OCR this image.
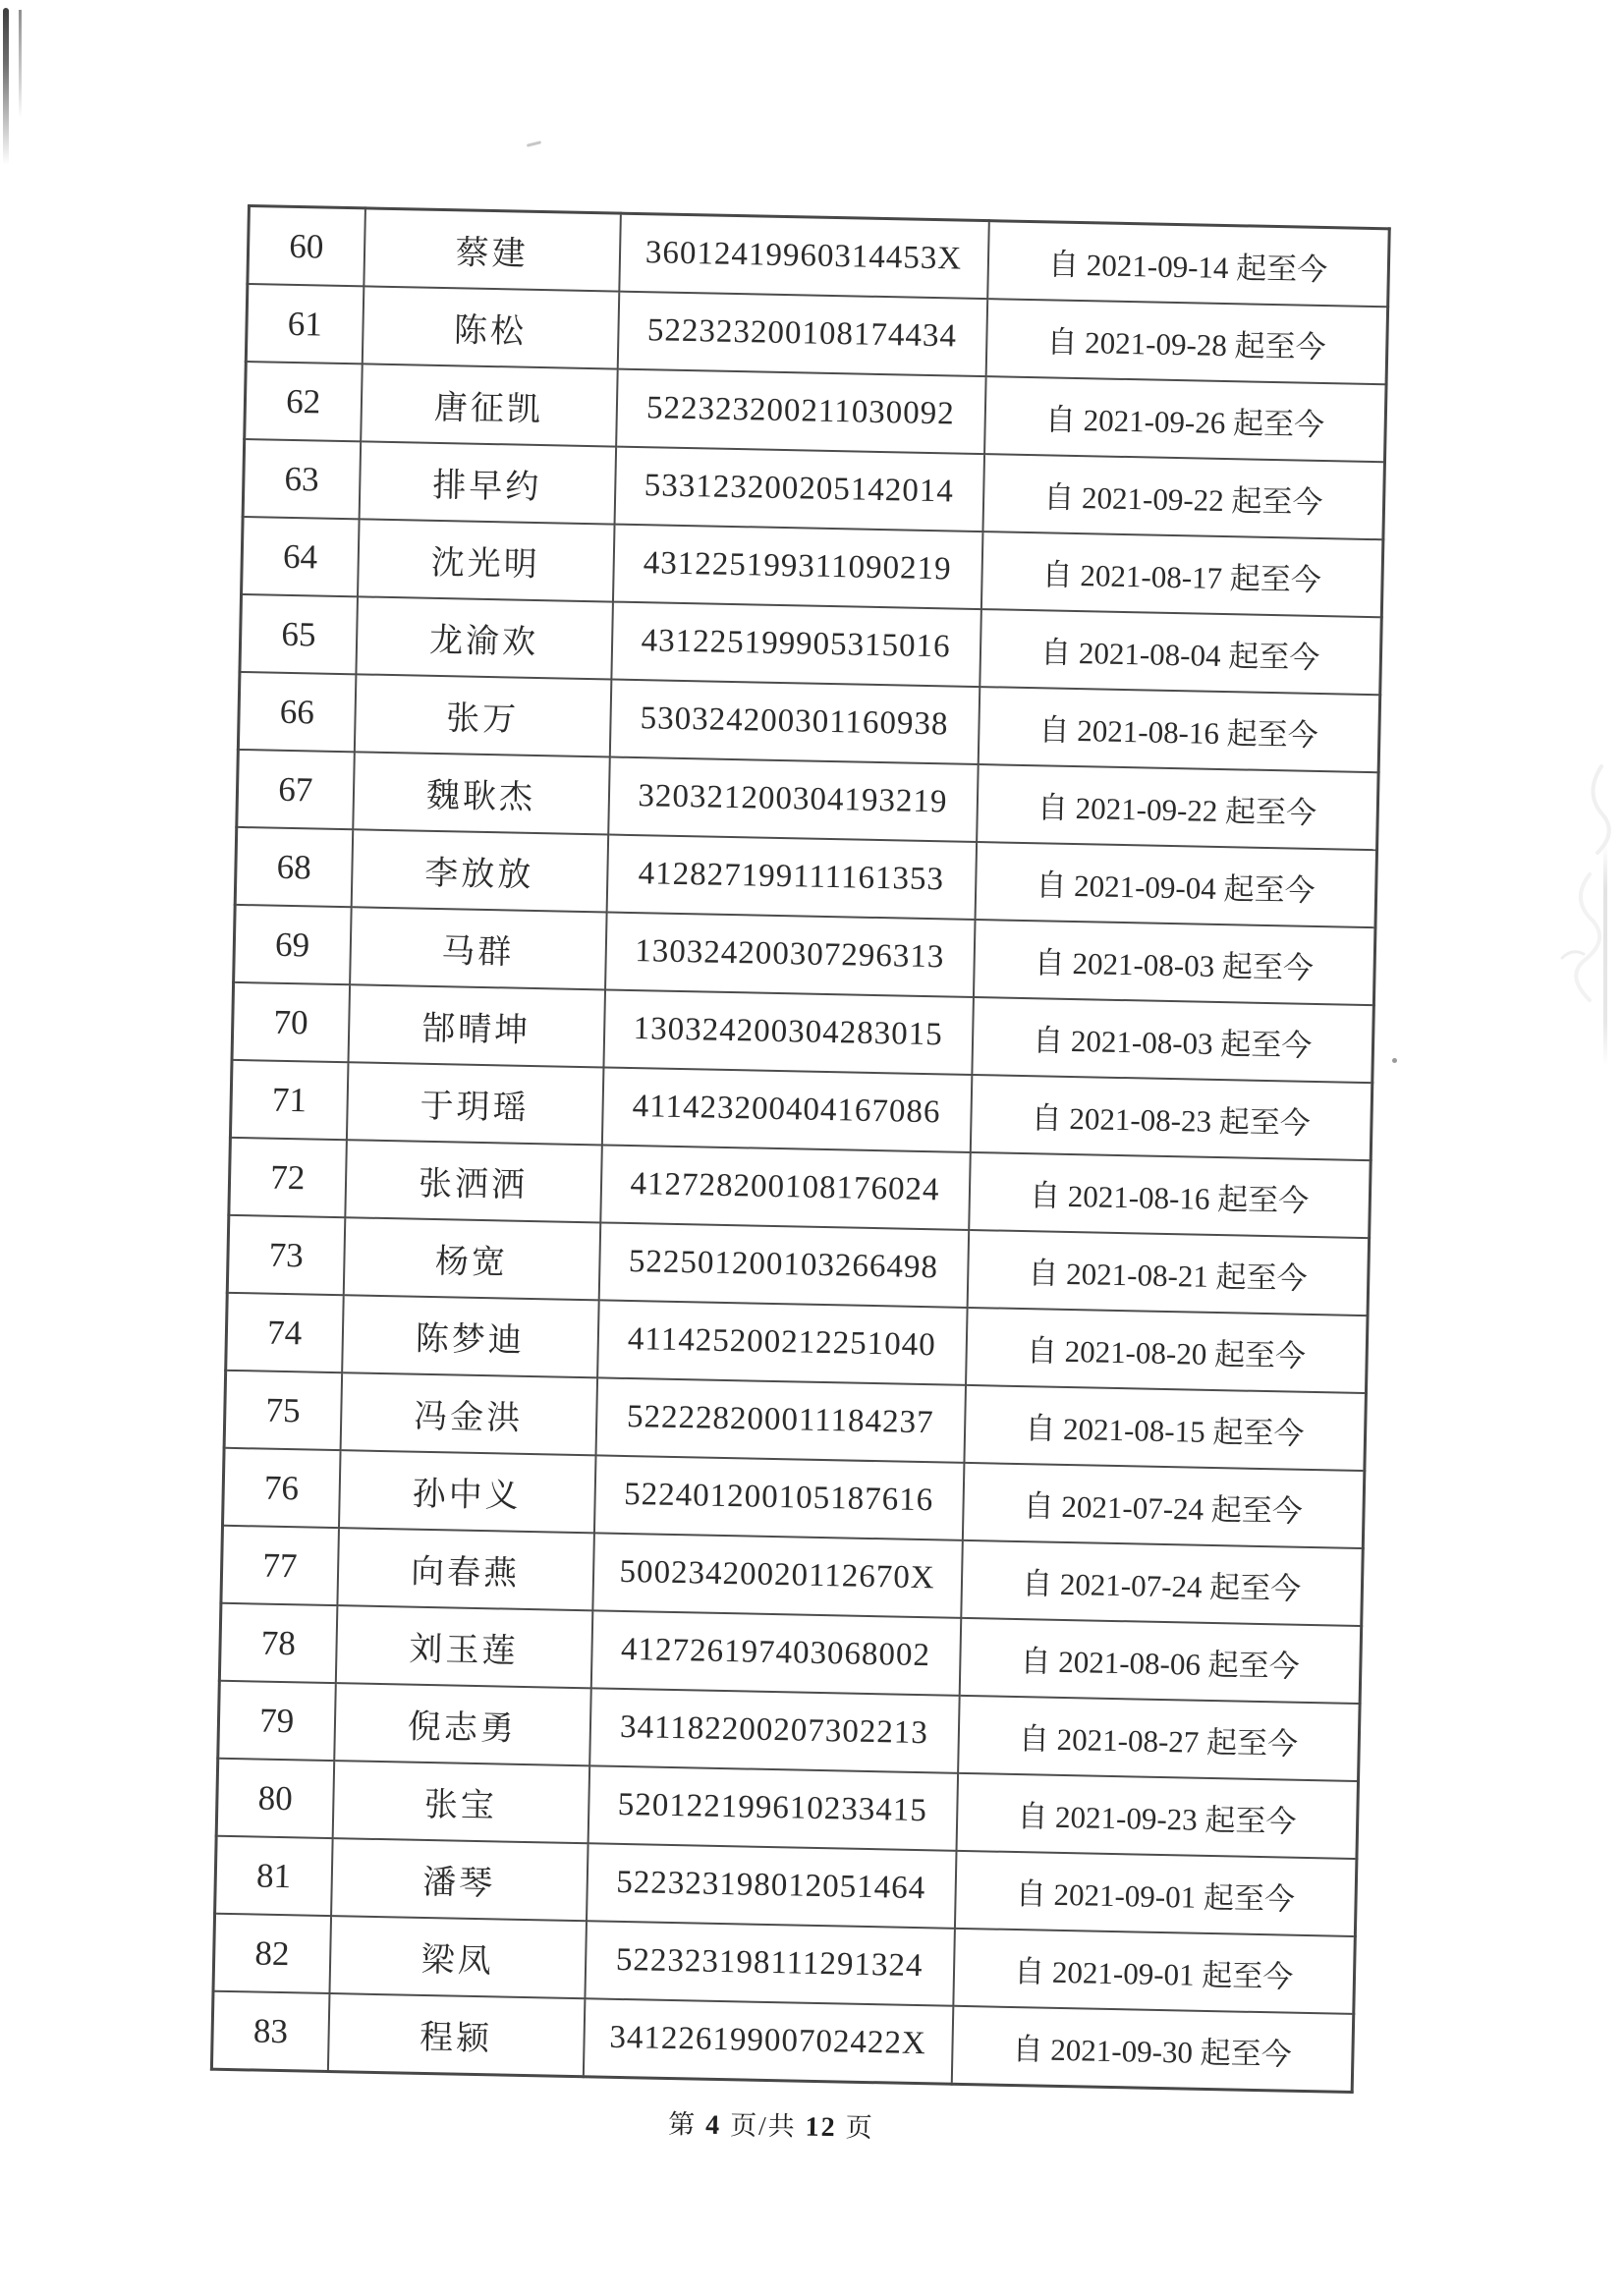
60	蔡建	36012419960314453X	自 2021-09-14 起至今
61	陈松	522323200108174434	自 2021-09-28 起至今
62	唐征凯	522323200211030092	自 2021-09-26 起至今
63	排早约	533123200205142014	自 2021-09-22 起至今
64	沈光明	431225199311090219	自 2021-08-17 起至今
65	龙渝欢	431225199905315016	自 2021-08-04 起至今
66	张万	530324200301160938	自 2021-08-16 起至今
67	魏耿杰	320321200304193219	自 2021-09-22 起至今
68	李放放	412827199111161353	自 2021-09-04 起至今
69	马群	130324200307296313	自 2021-08-03 起至今
70	郜晴坤	130324200304283015	自 2021-08-03 起至今
71	于玥瑶	411423200404167086	自 2021-08-23 起至今
72	张洒洒	412728200108176024	自 2021-08-16 起至今
73	杨宽	522501200103266498	自 2021-08-21 起至今
74	陈梦迪	411425200212251040	自 2021-08-20 起至今
75	冯金洪	522228200011184237	自 2021-08-15 起至今
76	孙中义	522401200105187616	自 2021-07-24 起至今
77	向春燕	50023420020112670X	自 2021-07-24 起至今
78	刘玉莲	412726197403068002	自 2021-08-06 起至今
79	倪志勇	341182200207302213	自 2021-08-27 起至今
80	张宝	520122199610233415	自 2021-09-23 起至今
81	潘琴	522323198012051464	自 2021-09-01 起至今
82	梁凤	522323198111291324	自 2021-09-01 起至今
83	程颍	34122619900702422X	自 2021-09-30 起至今
第 4 页/共 12 页
